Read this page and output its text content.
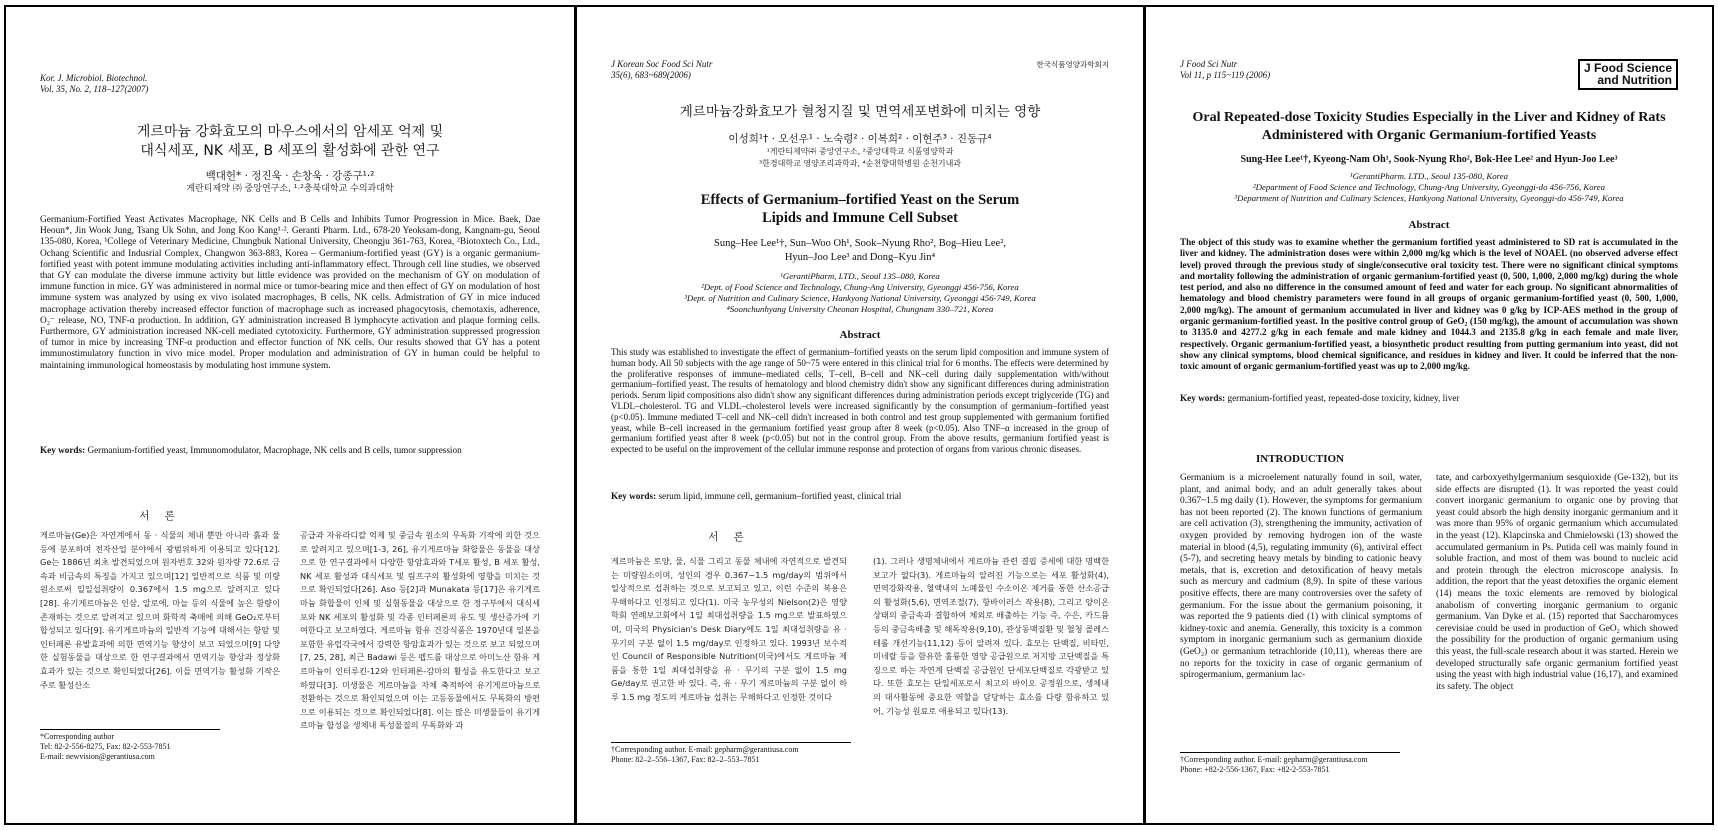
Kor. J. Microbiol. Biotechnol.
Vol. 35, No. 2, 118–127(2007)
게르마늄 강화효모의 마우스에서의 암세포 억제 및
대식세포, NK 세포, B 세포의 활성화에 관한 연구
백대헌* · 정진욱 · 손창욱 · 강종구¹·²
게란티제약 ㈜ 중앙연구소, ¹·²충북대학교 수의과대학
Germanium-Fortified Yeast Activates Macrophage, NK Cells and B Cells and Inhibits Tumor Progression in Mice. Baek, Dae Heoun*, Jin Wook Jung, Tsang Uk Sohn, and Jong Koo Kang¹·². Geranti Pharm. Ltd., 678-20 Yeoksam-dong, Kangnam-gu, Seoul 135-080, Korea, ¹College of Veterinary Medicine, Chungbuk National University, Cheongju 361-763, Korea, ²Biotoxtech Co., Ltd., Ochang Scientific and Indusrial Complex, Changwon 363-883, Korea – Germanium-fortified yeast (GY) is a organic germanium-fortified yeast with potent immune modulating activities including anti-inflammatory effect. Through cell line studies, we observed that GY can modulate the diverse immune activity but little evidence was provided on the mechanism of GY on modulation of immune function in mice. GY was administered in normal mice or tumor-bearing mice and then effect of GY on modulation of host immune system was analyzed by using ex vivo isolated macrophages, B cells, NK cells. Admistration of GY in mice induced macrophage activation thereby increased effector function of macrophage such as increased phagocytosis, chemotaxis, adherence, O₂⁻ release, NO, TNF-α production. In addition, GY administration increased B lymphocyte activation and plaque forming cells. Furthermore, GY administration increased NK-cell mediated cytotoxicity. Furthermore, GY administration suppressed progression of tumor in mice by increasing TNF-α production and effector function of NK cells. Our results showed that GY has a potent immunostimulatory function in vivo mice model. Proper modulation and administration of GY in human could be helpful to maintaining immunological homeostasis by modulating host immune system.
Key words: Germanium-fortified yeast, Immunomodulator, Macrophage, NK cells and B cells, tumor suppression
서 론
게르마늄(Ge)은 자연계에서 동 · 식물의 체내 뿐만 아니라 흙과 물 등에 분포하며 전자산업 분야에서 광범위하게 이용되고 있다[12]. Ge는 1886년 최초 발견되었으며 원자번호 32와 원자량 72.6로 금속과 비금속의 특징을 가지고 있으며[12] 일반적으로 식품 및 미량원소로써 일일섭취량이 0.367에서 1.5 mg으로 알려지고 있다[28]. 유기게르마늄은 인삼, 알로에, 마늘 등의 식물에 높은 함량이 존재하는 것으로 알려져고 있으며 화학적 축매에 의해 GeO₂로부터 합성되고 있다[9]. 유기게르마늄의 일반적 기능에 대해서는 항암 및 인터페론 유발효과에 의한 면역기능 향상이 보고 되었으며[9] 다양한 실험동물을 대상으로 한 연구결과에서 면역기능 향상과 정상화 효과가 있는 것으로 확인되었다[26]. 이들 면역기능 활성화 기작은 주로 활성산소
공급과 자유라디칼 억제 및 중금속 원소의 무독화 기작에 의한 것으로 알려지고 있으며[1-3, 26], 유기게르마늄 화합물은 동물을 대상으로 한 연구결과에서 다양한 항암효과와 T세포 활성, B 세포 활성, NK 세포 활성과 대식세포 및 림프구의 활성화에 영향을 미치는 것으로 확인되었다[26]. Aso 등[2]과 Munakata 등[17]은 유기게르마늄 화합물이 인체 및 실험동물을 대상으로 한 정구부에서 대식세포와 NK 세포의 활성화 및 각종 인터페론의 유도 및 생산증가에 기여한다고 보고하였다. 게르마늄 함유 건강식품은 1970년대 일본을 포함한 유럽각국에서 강력한 항암효과가 있는 것으로 보고 되었으며[7, 25, 28], 최근 Badawi 등은 펩드를 대상으로 아미노산 함유 게르마늄이 인터루킨-12와 인터페론-감마의 활성을 유도한다고 보고하였다[3]. 미생물은 게르마늄을 자체 축적하여 유기게르마늄으로 전환하는 것으로 확인되었으며 이는 고등동물에서도 무독화의 방편으로 이용되는 것으로 확인되었다[8]. 이는 많은 미생물들이 유기게르마늄 합성을 생체내 독성물질의 무독화와 과
*Corresponding author
Tel: 82-2-556-8275, Fax: 82-2-553-7851
E-mail: newvision@gerantiusa.com
J Korean Soc Food Sci Nutr
35(6), 683~689(2006)
한국식품영양과학회지
게르마늄강화효모가 혈청지질 및 면역세포변화에 미치는 영향
이성희¹† · 오선우¹ · 노숙령² · 이복희² · 이현주³ · 진동규⁴
¹게란티제약㈜ 중앙연구소, ²중앙대학교 식품영양학과
³한경대학교 영양조리과학과, ⁴순천향대학병원 순천기내과
Effects of Germanium–fortified Yeast on the Serum
Lipids and Immune Cell Subset
Sung–Hee Lee¹†, Sun–Woo Oh¹, Sook–Nyung Rho², Bog–Hieu Lee²,
Hyun–Joo Lee³ and Dong–Kyu Jin⁴
¹GerantiPharm, LTD., Seoul 135–080, Korea
²Dept. of Food Science and Technology, Chung-Ang University, Gyeonggi 456-756, Korea
³Dept. of Nutrition and Culinary Science, Hankyong National University, Gyeonggi 456-749, Korea
⁴Soonchunhyang University Cheonan Hospital, Chungnam 330–721, Korea
Abstract
This study was established to investigate the effect of germanium–fortified yeasts on the serum lipid composition and immune system of human body. All 50 subjects with the age range of 50~75 were entered in this clinical trial for 6 months. The effects were determined by the proliferative responses of immune–mediated cells, T–cell, B–cell and NK–cell during daily supplementation with/without germanium–fortified yeast. The results of hematology and blood chemistry didn't show any significant differences during administration periods. Serum lipid compositions also didn't show any significant differences during administration periods except triglyceride (TG) and VLDL–cholesterol. TG and VLDL–cholesterol levels were increased significantly by the consumption of germanium–fortified yeast (p<0.05). Immune mediated T–cell and NK–cell didn't increased in both control and test group supplemented with germanium fortified yeast, while B–cell increased in the germanium fortified yeast group after 8 week (p<0.05). Also TNF–α increased in the group of germanium fortified yeast after 8 week (p<0.05) but not in the control group. From the above results, germanium fortified yeast is expected to be useful on the improvement of the cellular immune response and protection of organs from various chronic diseases.
Key words: serum lipid, immune cell, germanium–fortified yeast, clinical trial
서 론
게르마늄은 토양, 물, 식물 그리고 동물 체내에 자연적으로 발견되는 미량원소이며, 성인의 경우 0.367~1.5 mg/day의 범위에서 일상적으로 섭취하는 것으로 보고되고 있고, 이런 수준의 복용은 무해하다고 인정되고 있다(1). 미국 농무성의 Nielson(2)은 영양학회 연례보고회에서 1일 최대섭취량을 1.5 mg으로 발표하였으며, 미국의 Physician's Desk Diary에도 1일 최대섭취량을 유 · 무기의 구분 없이 1.5 mg/day로 인정하고 있다. 1993년 보수적인 Council of Responsible Nutrition(미국)에서도 게르마늄 제품을 통한 1일 최대섭취량을 유 · 무기의 구분 없이 1.5 mg Ge/day로 권고한 바 있다. 즉, 유 · 무기 게르마늄의 구분 없이 하루 1.5 mg 정도의 게르마늄 섭취는 무해하다고 인정한 것이다
(1). 그러나 생명체내에서 게르마늄 관련 결핍 증세에 대한 명백한 보고가 없다(3). 게르마늄의 알려진 기능으로는 세포 활성화(4), 면역강화작용, 혈액내의 노폐물인 수소이온 제거를 통한 산소공급의 활성화(5,6), 면역조절(7), 항바이러스 작용(8), 그리고 양이온 상태의 중금속과 결합하여 체외로 배출하는 기능 즉, 수은, 카드뮴 등의 중금속배출 및 해독작용(9,10), 관상동맥질환 및 혈청 콜레스테롤 개선기능(11,12) 등이 알려져 있다. 효모는 단백질, 비타민, 미네랄 등을 함유한 훌륭한 영양 공급원으로 저지방 고단백질을 특징으로 하는 자연계 단백질 공급원인 단세포단백질로 각광받고 있다. 또한 효모는 단일세포로서 최고의 바이오 공정원으로, 생체내의 대사활동에 중요한 역할을 담당하는 효소를 다량 함유하고 있어, 기능성 원료로 애용되고 있다(13).
†Corresponding author. E-mail: gepharm@gerantiusa.com
Phone: 82–2–556–1367, Fax: 82–2–553–7851
J Food Sci Nutr
Vol 11, p 115~119 (2006)	J Food Science
and Nutrition
Oral Repeated-dose Toxicity Studies Especially in the Liver and Kidney of Rats
Administered with Organic Germanium-fortified Yeasts
Sung-Hee Lee¹†, Kyeong-Nam Oh¹, Sook-Nyung Rho², Bok-Hee Lee² and Hyun-Joo Lee³
¹GerantiPharm. LTD., Seoul 135-080, Korea
²Department of Food Science and Technology, Chung-Ang University, Gyeonggi-do 456-756, Korea
³Department of Nutrition and Culinary Sciences, Hankyong National University, Gyeonggi-do 456-749, Korea
Abstract
The object of this study was to examine whether the germanium fortified yeast administered to SD rat is accumulated in the liver and kidney. The administration doses were within 2,000 mg/kg which is the level of NOAEL (no observed adverse effect level) proved through the previous study of single/consecutive oral toxicity test. There were no significant clinical symptoms and mortality following the administration of organic germanium-fortified yeast (0, 500, 1,000, 2,000 mg/kg) during the whole test period, and also no difference in the consumed amount of feed and water for each group. No significant abnormalities of hematology and blood chemistry parameters were found in all groups of organic germanium-fortified yeast (0, 500, 1,000, 2,000 mg/kg). The amount of germanium accumulated in liver and kidney was 0 g/kg by ICP-AES method in the group of organic germanium-fortified yeast. In the positive control group of GeO₂ (150 mg/kg), the amount of accumulation was shown to 3135.0 and 4277.2 g/kg in each female and male kidney and 1044.3 and 2135.8 g/kg in each female and male liver, respectively. Organic germanium-fortified yeast, a biosynthetic product resulting from putting germanium into yeast, did not show any clinical symptoms, blood chemical significance, and residues in kidney and liver. It could be inferred that the non-toxic amount of organic germanium-fortified yeast was up to 2,000 mg/kg.
Key words: germanium-fortified yeast, repeated-dose toxicity, kidney, liver
INTRODUCTION
Germanium is a microelement naturally found in soil, water, plant, and animal body, and an adult generally takes about 0.367~1.5 mg daily (1). However, the symptoms for germanium has not been reported (2). The known functions of germanium are cell activation (3), strengthening the immunity, activation of oxygen provided by removing hydrogen ion of the waste material in blood (4,5), regulating immunity (6), antiviral effect (5-7), and secreting heavy metals by binding to cationic heavy metals, that is, excretion and detoxification of heavy metals such as mercury and cadmium (8,9). In spite of these various positive effects, there are many controversies over the safety of germanium. For the issue about the germanium poisoning, it was reported the 9 patients died (1) with clinical symptoms of kidney-toxic and anemia. Generally, this toxicity is a common symptom in inorganic germanium such as germanium dioxide (GeO₂) or germanium tetrachloride (10,11), whereas there are no reports for the toxicity in case of organic germanium of spirogermanium, germanium lac-
tate, and carboxyethylgermanium sesquioxide (Ge-132), but its side effects are disrupted (1). It was reported the yeast could convert inorganic germanium to organic one by proving that yeast could absorb the high density inorganic germanium and it was more than 95% of organic germanium which accumulated in the yeast (12). Klapcinska and Chmielowski (13) showed the accumulated germanium in Ps. Putida cell was mainly found in soluble fraction, and most of them was bound to nucleic acid and protein through the electron microscope analysis. In addition, the report that the yeast detoxifies the organic element (14) means the toxic elements are removed by biological anabolism of converting inorganic germanium to organic germanium. Van Dyke et al. (15) reported that Saccharomyces cerevisiae could be used in production of GeO₂ which showed the possibility for the production of organic germanium using this yeast, the full-scale research about it was started. Herein we developed structurally safe organic germanium fortified yeast using the yeast with high industrial value (16,17), and examined its safety. The object
†Corresponding author. E-mail: gepharm@gerantiusa.com
Phone: +82-2-556-1367, Fax: +82-2-553-7851
